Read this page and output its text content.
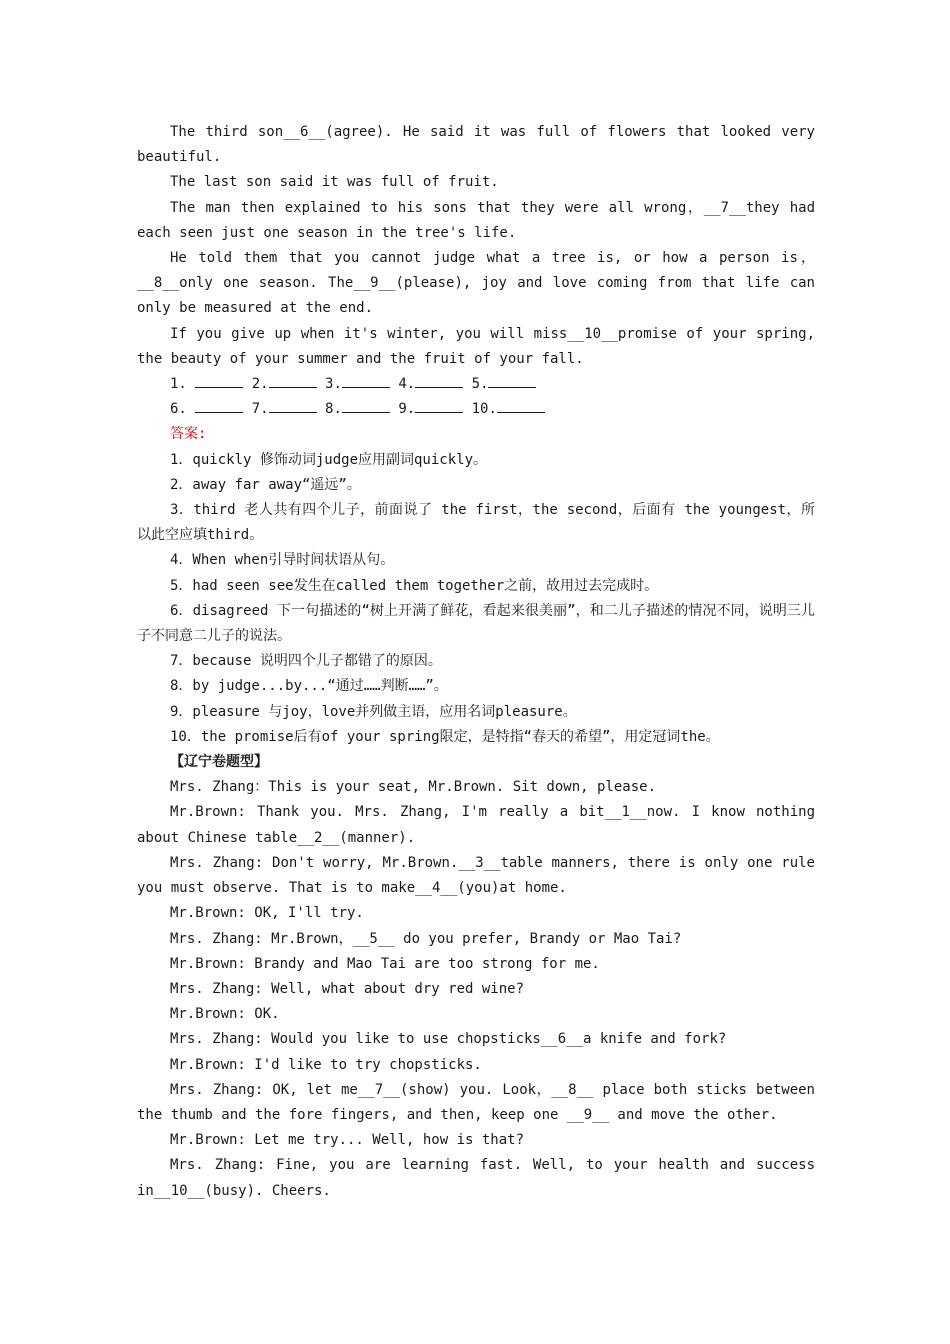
The third son__6__(agree). He said it was full of flowers that looked very beautiful.

The last son said it was full of fruit.

The man then explained to his sons that they were all wrong，__7__they had each seen just one season in the tree's life.

He told them that you cannot judge what a tree is, or how a person is，__8__only one season. The__9__(please), joy and love coming from that life can only be measured at the end.

If you give up when it's winter, you will miss__10__promise of your spring, the beauty of your summer and the fruit of your fall.

1.	2.	3.	4.	5.

6.	7.	8.	9.	10.

答案:

1．quickly 修饰动词judge应用副词quickly。

2．away far away“遥远”。

3．third 老人共有四个儿子，前面说了 the first，the second，后面有 the youngest，所以此空应填third。

4．When when引导时间状语从句。

5．had seen see发生在called them together之前，故用过去完成时。

6．disagreed 下一句描述的“树上开满了鲜花，看起来很美丽”，和二儿子描述的情况不同，说明三儿子不同意二儿子的说法。

7．because 说明四个儿子都错了的原因。

8．by judge...by...“通过……判断……”。

9．pleasure 与joy，love并列做主语，应用名词pleasure。

10．the promise后有of your spring限定，是特指“春天的希望”，用定冠词the。

【辽宁卷题型】

Mrs. Zhang：This is your seat, Mr.Brown. Sit down, please.

Mr.Brown: Thank you. Mrs. Zhang, I'm really a bit__1__now. I know nothing about Chinese table__2__(manner).

Mrs. Zhang: Don't worry, Mr.Brown.__3__table manners, there is only one rule you must observe. That is to make__4__(you)at home.

Mr.Brown: OK, I'll try.

Mrs. Zhang: Mr.Brown，__5__ do you prefer, Brandy or Mao Tai?

Mr.Brown: Brandy and Mao Tai are too strong for me.

Mrs. Zhang: Well, what about dry red wine?

Mr.Brown: OK.

Mrs. Zhang: Would you like to use chopsticks__6__a knife and fork?

Mr.Brown: I'd like to try chopsticks.

Mrs. Zhang: OK, let me__7__(show) you. Look，__8__ place both sticks between the thumb and the fore fingers, and then, keep one __9__ and move the other.

Mr.Brown: Let me try... Well, how is that?

Mrs. Zhang: Fine, you are learning fast. Well, to your health and success in__10__(busy). Cheers.
